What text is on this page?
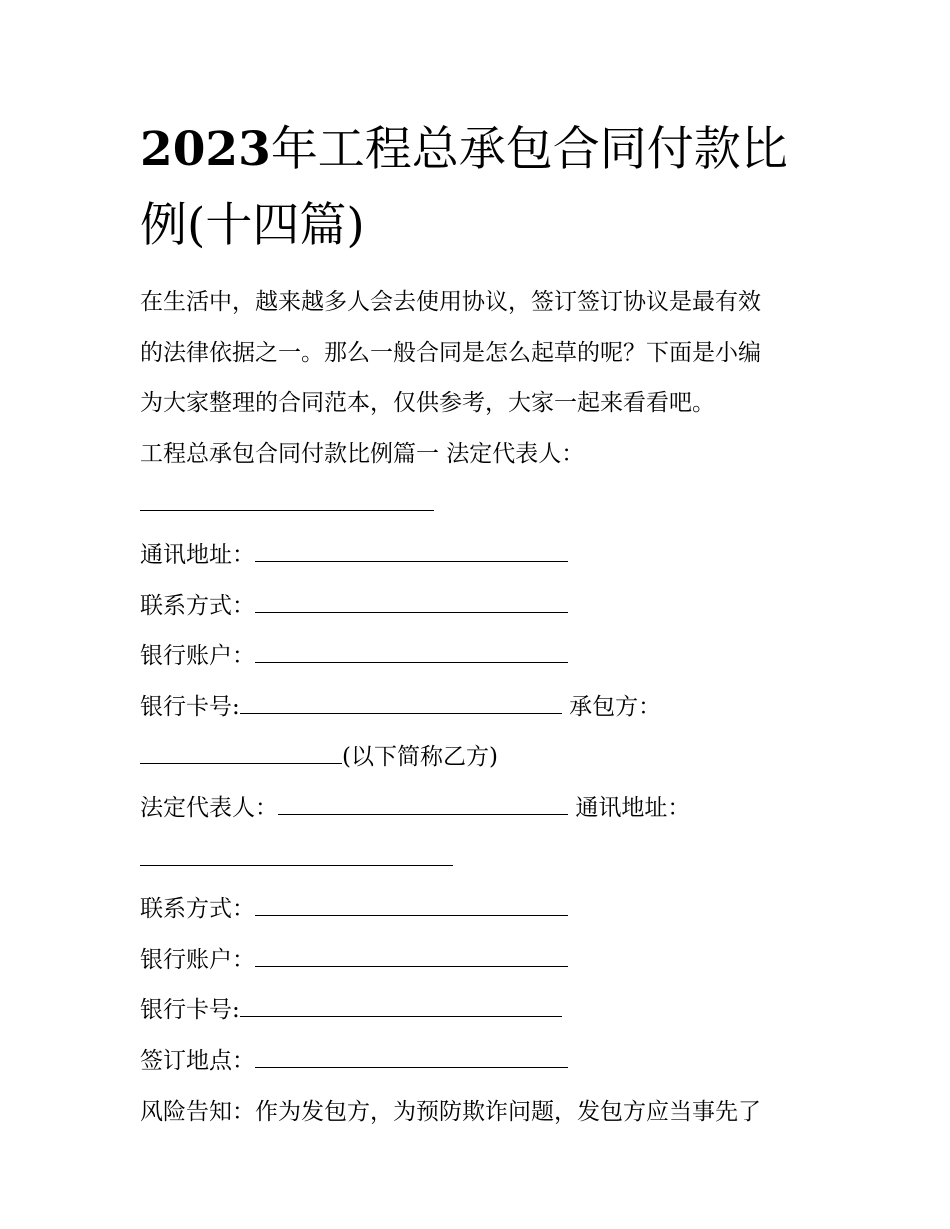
2023年工程总承包合同付款比
例(十四篇)
在生活中，越来越多人会去使用协议，签订签订协议是最有效
的法律依据之一。那么一般合同是怎么起草的呢？下面是小编
为大家整理的合同范本，仅供参考，大家一起来看看吧。
工程总承包合同付款比例篇一 法定代表人：
通讯地址：
联系方式：
银行账户：
银行卡号:	承包方：
(以下简称乙方)
法定代表人：	通讯地址：
联系方式：
银行账户：
银行卡号:
签订地点：
风险告知：作为发包方，为预防欺诈问题，发包方应当事先了
